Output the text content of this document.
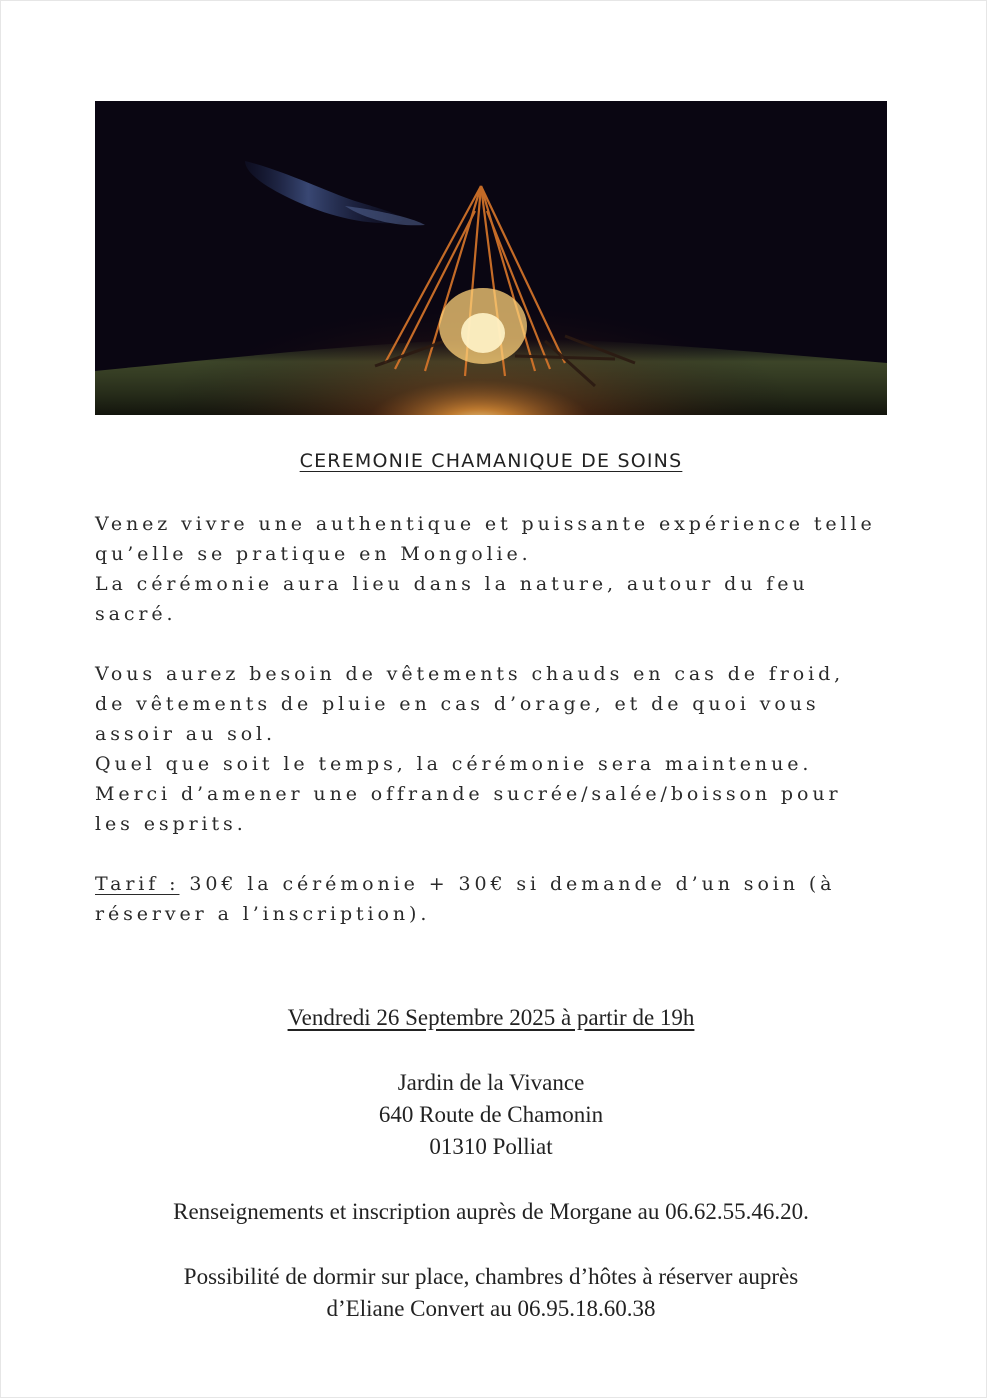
CEREMONIE CHAMANIQUE DE SOINS

Venez vivre une authentique et puissante expérience telle
qu’elle se pratique en Mongolie.
La cérémonie aura lieu dans la nature, autour du feu
sacré.

Vous aurez besoin de vêtements chauds en cas de froid,
de vêtements de pluie en cas d’orage, et de quoi vous
assoir au sol.

Quel que soit le temps, la cérémonie sera maintenue.

Merci d’amener une offrande sucrée/salée/boisson pour
les esprits.

Tarif : 30€ la cérémonie + 30€ si demande d’un soin (à
réserver a l’inscription).

Vendredi 26 Septembre 2025 à partir de 19h
Jardin de la Vivance
640 Route de Chamonin
01310 Polliat
Renseignements et inscription auprès de Morgane au 06.62.55.46.20.
Possibilité de dormir sur place, chambres d’hôtes à réserver auprès
d’Eliane Convert au 06.95.18.60.38
